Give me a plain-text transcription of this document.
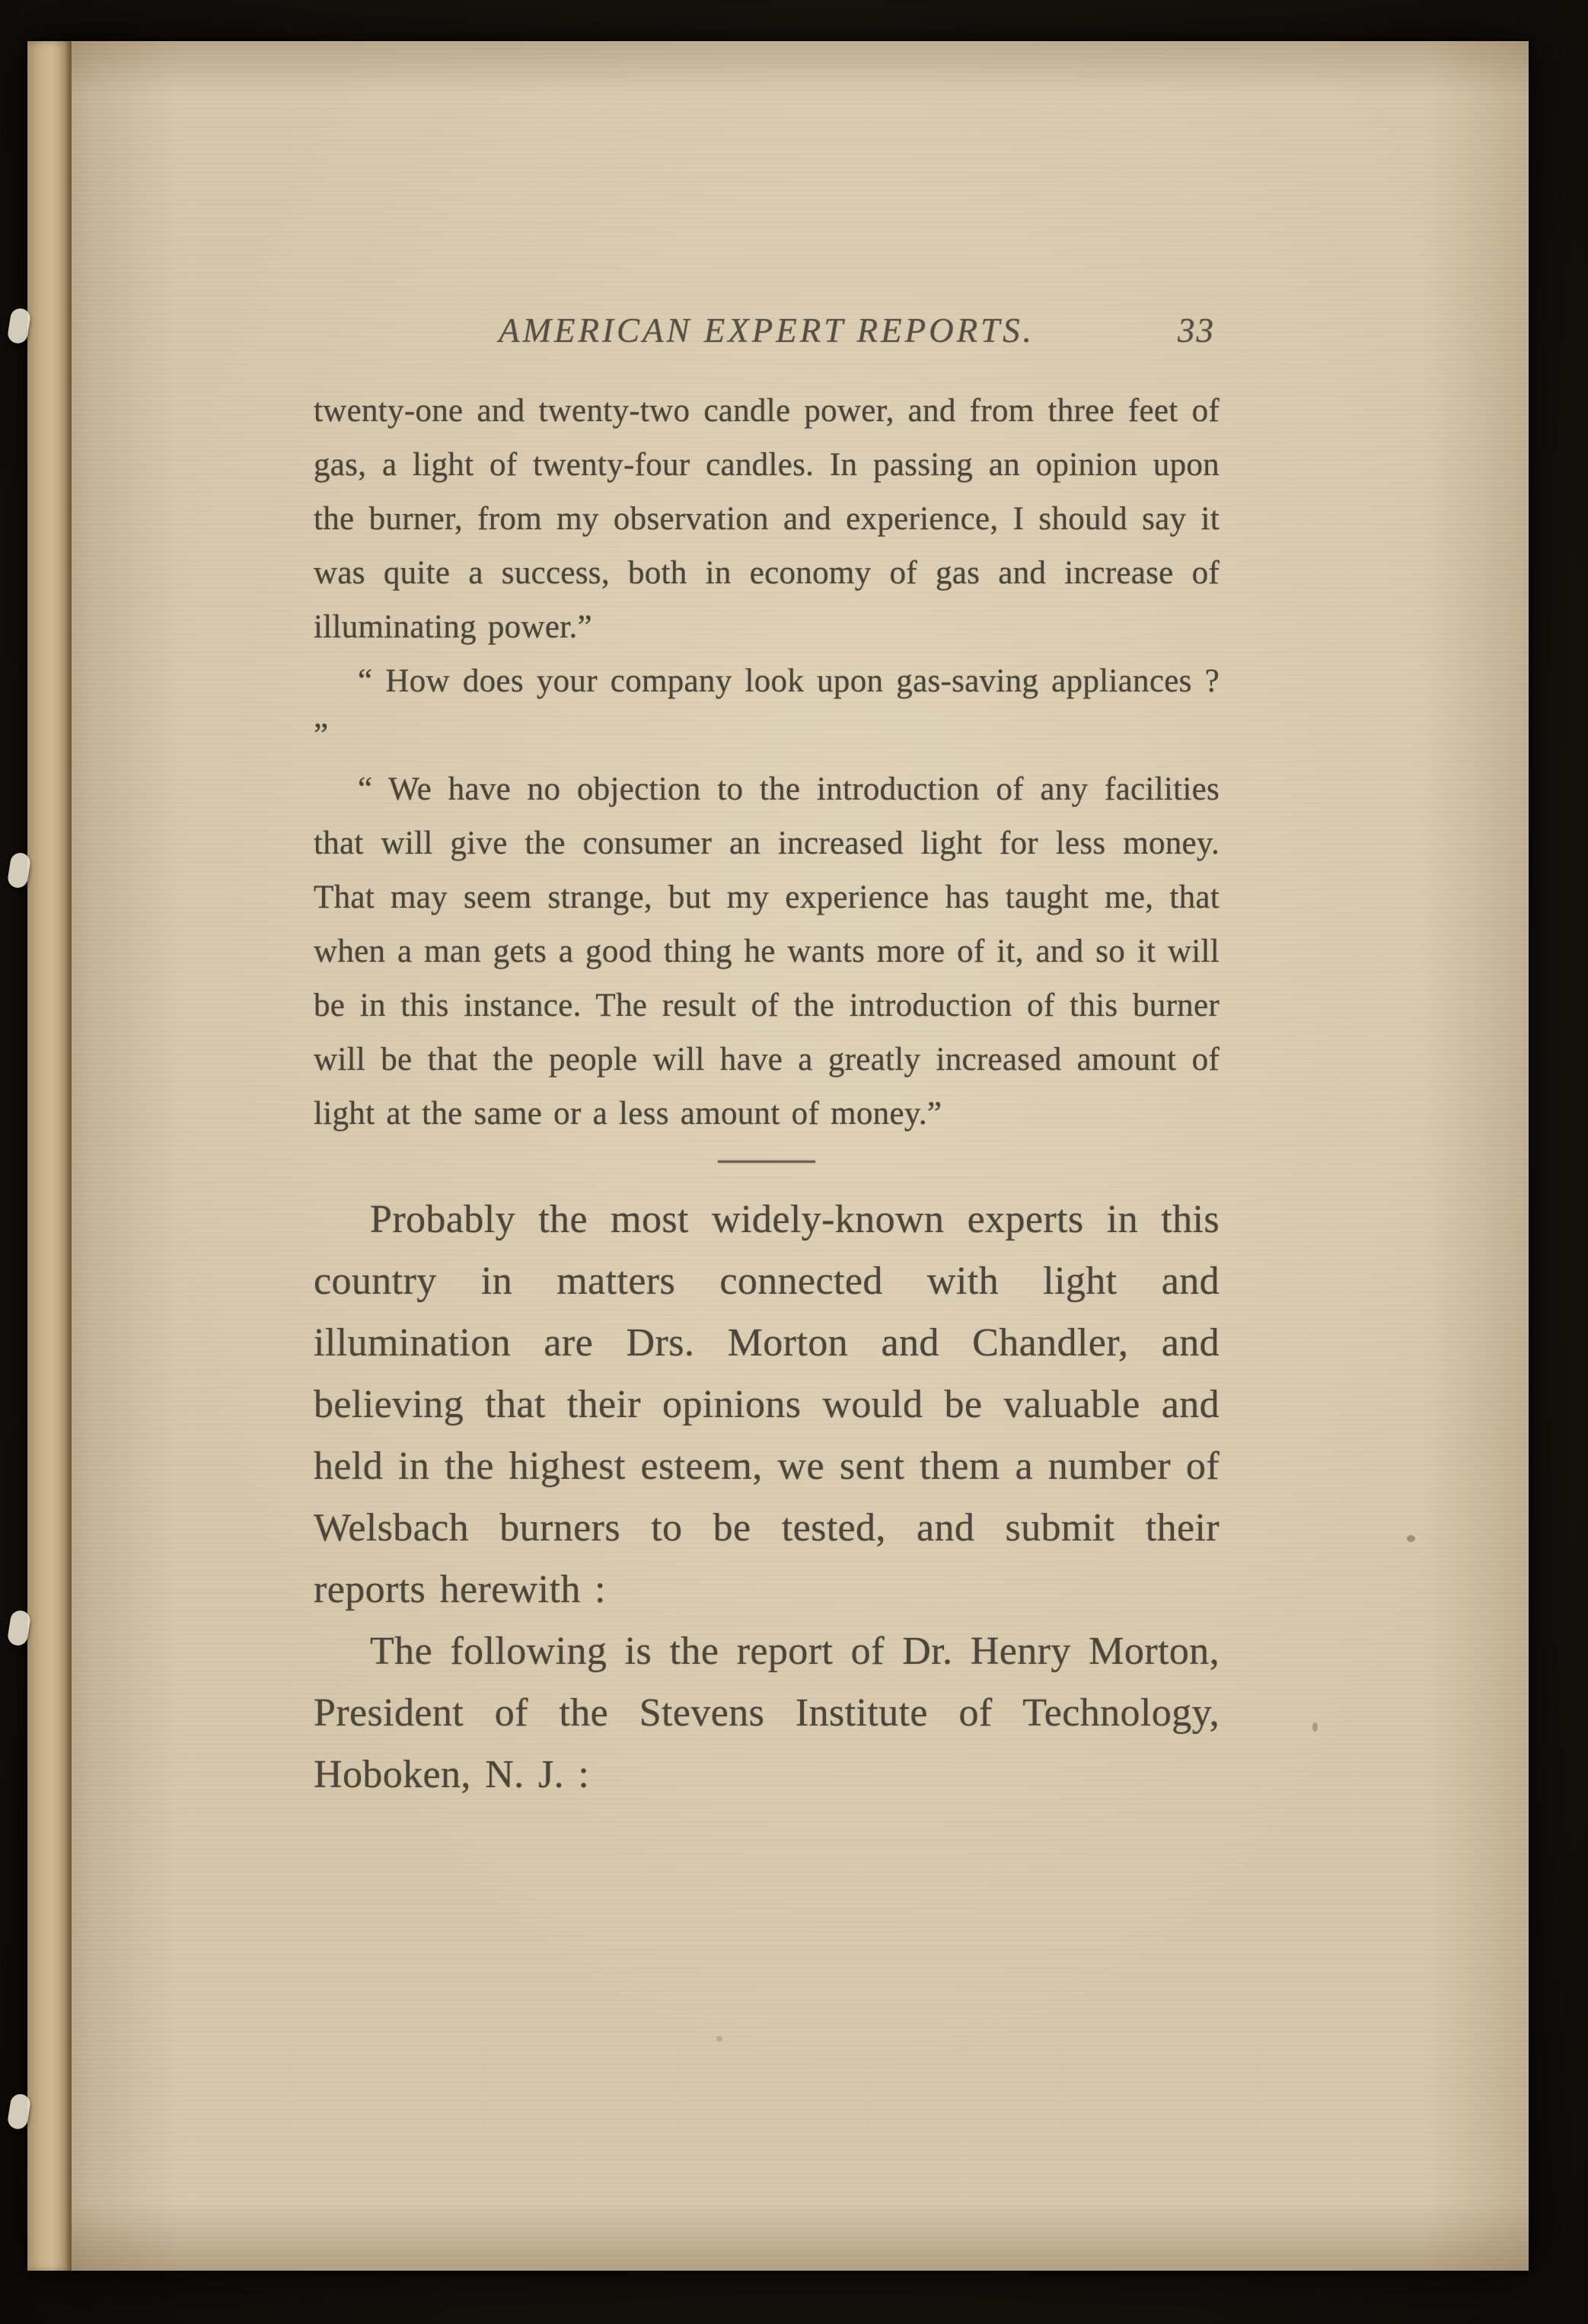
AMERICAN EXPERT REPORTS.	33

twenty-one and twenty-two candle power, and from three feet of gas, a light of twenty-four candles. In passing an opinion upon the burner, from my observation and experience, I should say it was quite a success, both in economy of gas and increase of illuminating power.”

“ How does your company look upon gas-saving appliances ? ”

“ We have no objection to the introduction of any facilities that will give the consumer an increased light for less money. That may seem strange, but my experience has taught me, that when a man gets a good thing he wants more of it, and so it will be in this instance. The result of the introduction of this burner will be that the people will have a greatly increased amount of light at the same or a less amount of money.”

Probably the most widely-known experts in this country in matters connected with light and illumination are Drs. Morton and Chandler, and believing that their opinions would be valuable and held in the highest esteem, we sent them a number of Welsbach burners to be tested, and submit their reports herewith :

The following is the report of Dr. Henry Morton, President of the Stevens Institute of Technology, Hoboken, N. J. :
